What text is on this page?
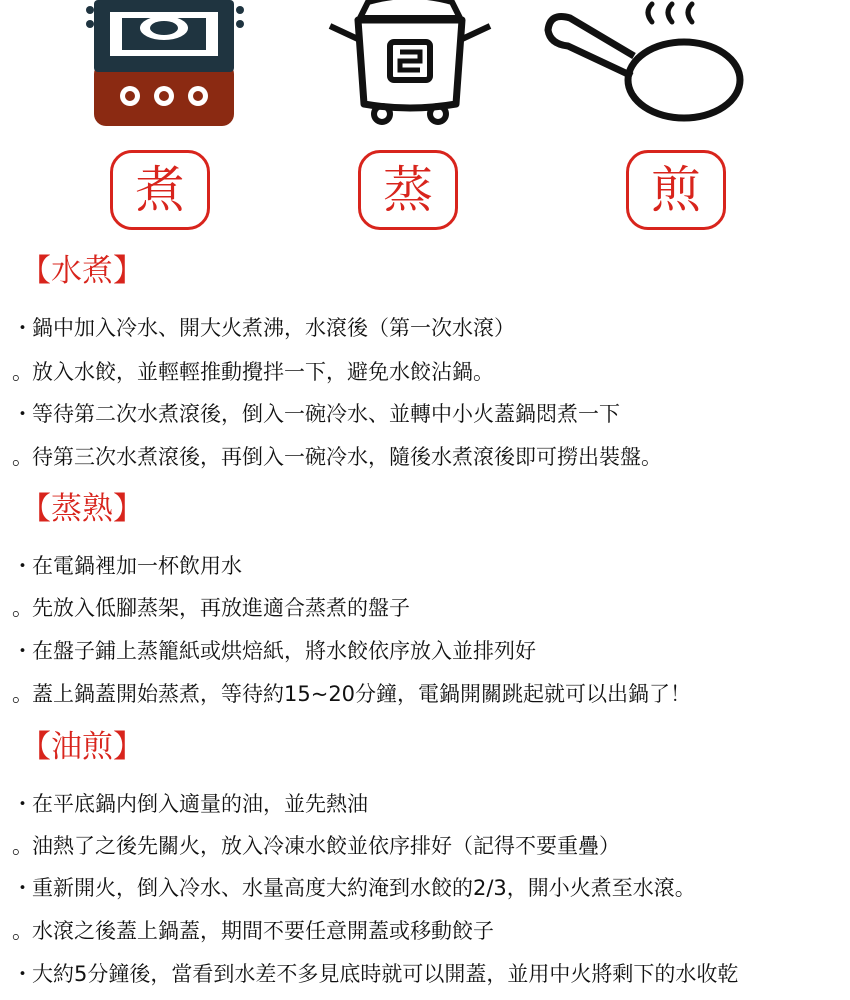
煮	蒸	煎
【水煮】
・鍋中加入冷水、開大火煮沸，水滾後（第一次水滾）
。放入水餃，並輕輕推動攪拌一下，避免水餃沾鍋。
・等待第二次水煮滾後，倒入一碗冷水、並轉中小火蓋鍋悶煮一下
。待第三次水煮滾後，再倒入一碗冷水，隨後水煮滾後即可撈出裝盤。
【蒸熟】
・在電鍋裡加一杯飲用水
。先放入低腳蒸架，再放進適合蒸煮的盤子
・在盤子鋪上蒸籠紙或烘焙紙，將水餃依序放入並排列好
。蓋上鍋蓋開始蒸煮，等待約15~20分鐘，電鍋開關跳起就可以出鍋了！
【油煎】
・在平底鍋内倒入適量的油，並先熱油
。油熱了之後先關火，放入冷凍水餃並依序排好（記得不要重疊）
・重新開火，倒入冷水、水量高度大約淹到水餃的2/3，開小火煮至水滾。
。水滾之後蓋上鍋蓋，期間不要任意開蓋或移動餃子
・大約5分鐘後，當看到水差不多見底時就可以開蓋，並用中火將剩下的水收乾
